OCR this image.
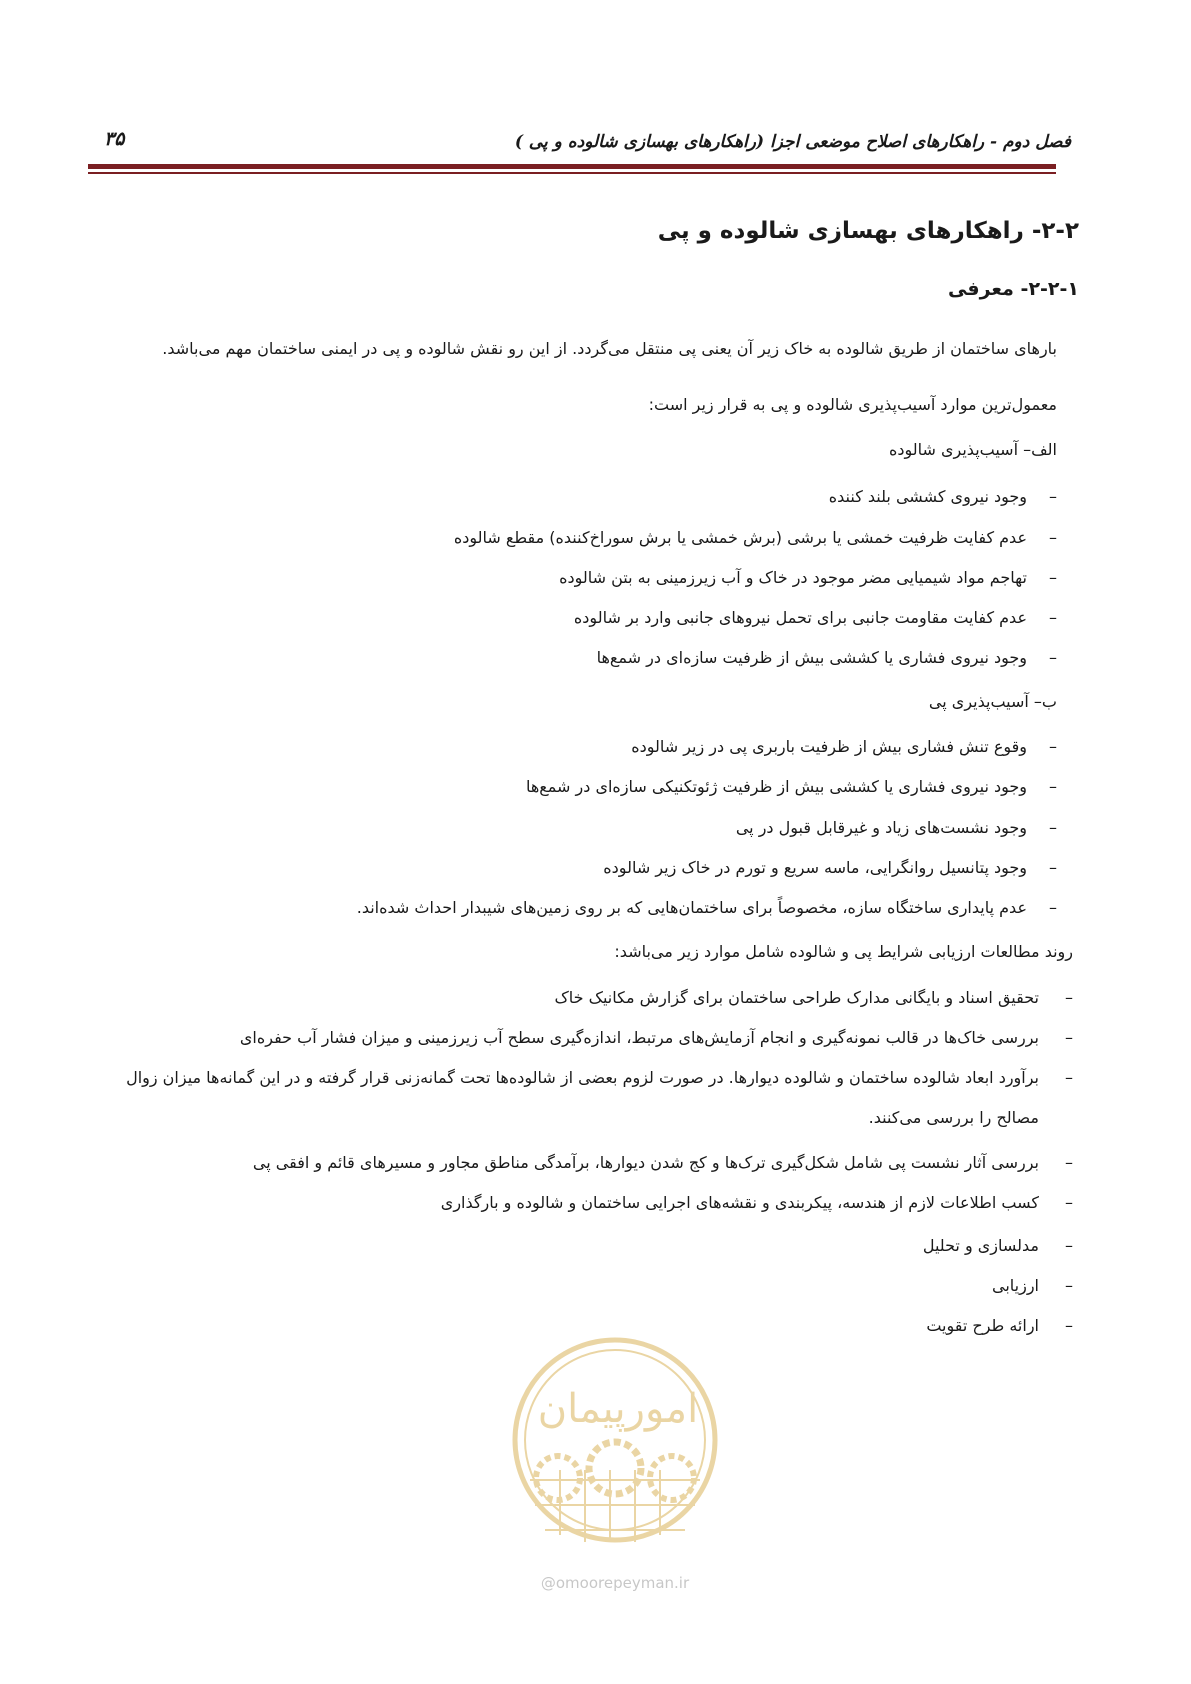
فصل دوم - راهکارهای اصلاح موضعی اجزا (راهکارهای بهسازی شالوده و پی )
۳۵
۲-۲- راهکارهای بهسازی شالوده و پی
۲-۲-۱- معرفی
بارهای ساختمان از طریق شالوده به خاک زیر آن یعنی پی منتقل می‌گردد. از این رو نقش شالوده و پی در ایمنی ساختمان مهم می‌باشد.
معمول‌ترین موارد آسیب‌پذیری شالوده و پی به قرار زیر است:
الف– آسیب‌پذیری شالوده
– وجود نیروی کششی بلند کننده
– عدم کفایت ظرفیت خمشی یا برشی (برش خمشی یا برش سوراخ‌کننده) مقطع شالوده
– تهاجم مواد شیمیایی مضر موجود در خاک و آب زیرزمینی به بتن شالوده
– عدم کفایت مقاومت جانبی برای تحمل نیروهای جانبی وارد بر شالوده
– وجود نیروی فشاری یا کششی بیش از ظرفیت سازه‌ای در شمع‌ها
ب– آسیب‌پذیری پی
– وقوع تنش فشاری بیش از ظرفیت باربری پی در زیر شالوده
– وجود نیروی فشاری یا کششی بیش از ظرفیت ژئوتکنیکی سازه‌ای در شمع‌ها
– وجود نشست‌های زیاد و غیرقابل قبول در پی
– وجود پتانسیل روانگرایی، ماسه سریع و تورم در خاک زیر شالوده
– عدم پایداری ساختگاه سازه، مخصوصاً برای ساختمان‌هایی که بر روی زمین‌های شیبدار احداث شده‌اند.
روند مطالعات ارزیابی شرایط پی و شالوده شامل موارد زیر می‌باشد:
– تحقیق اسناد و بایگانی مدارک طراحی ساختمان برای گزارش مکانیک خاک
– بررسی خاک‌ها در قالب نمونه‌گیری و انجام آزمایش‌های مرتبط، اندازه‌گیری سطح آب زیرزمینی و میزان فشار آب حفره‌ای
– برآورد ابعاد شالوده ساختمان و شالوده دیوارها. در صورت لزوم بعضی از شالوده‌ها تحت گمانه‌زنی قرار گرفته و در این گمانه‌ها میزان زوال مصالح را بررسی می‌کنند.
– بررسی آثار نشست پی شامل شکل‌گیری ترک‌ها و کج شدن دیوارها، برآمدگی مناطق مجاور و مسیرهای قائم و افقی پی
– کسب اطلاعات لازم از هندسه، پیکربندی و نقشه‌های اجرایی ساختمان و شالوده و بارگذاری
– مدلسازی و تحلیل
– ارزیابی
– ارائه طرح تقویت
امورپیمان
@omoorepeyman.ir
